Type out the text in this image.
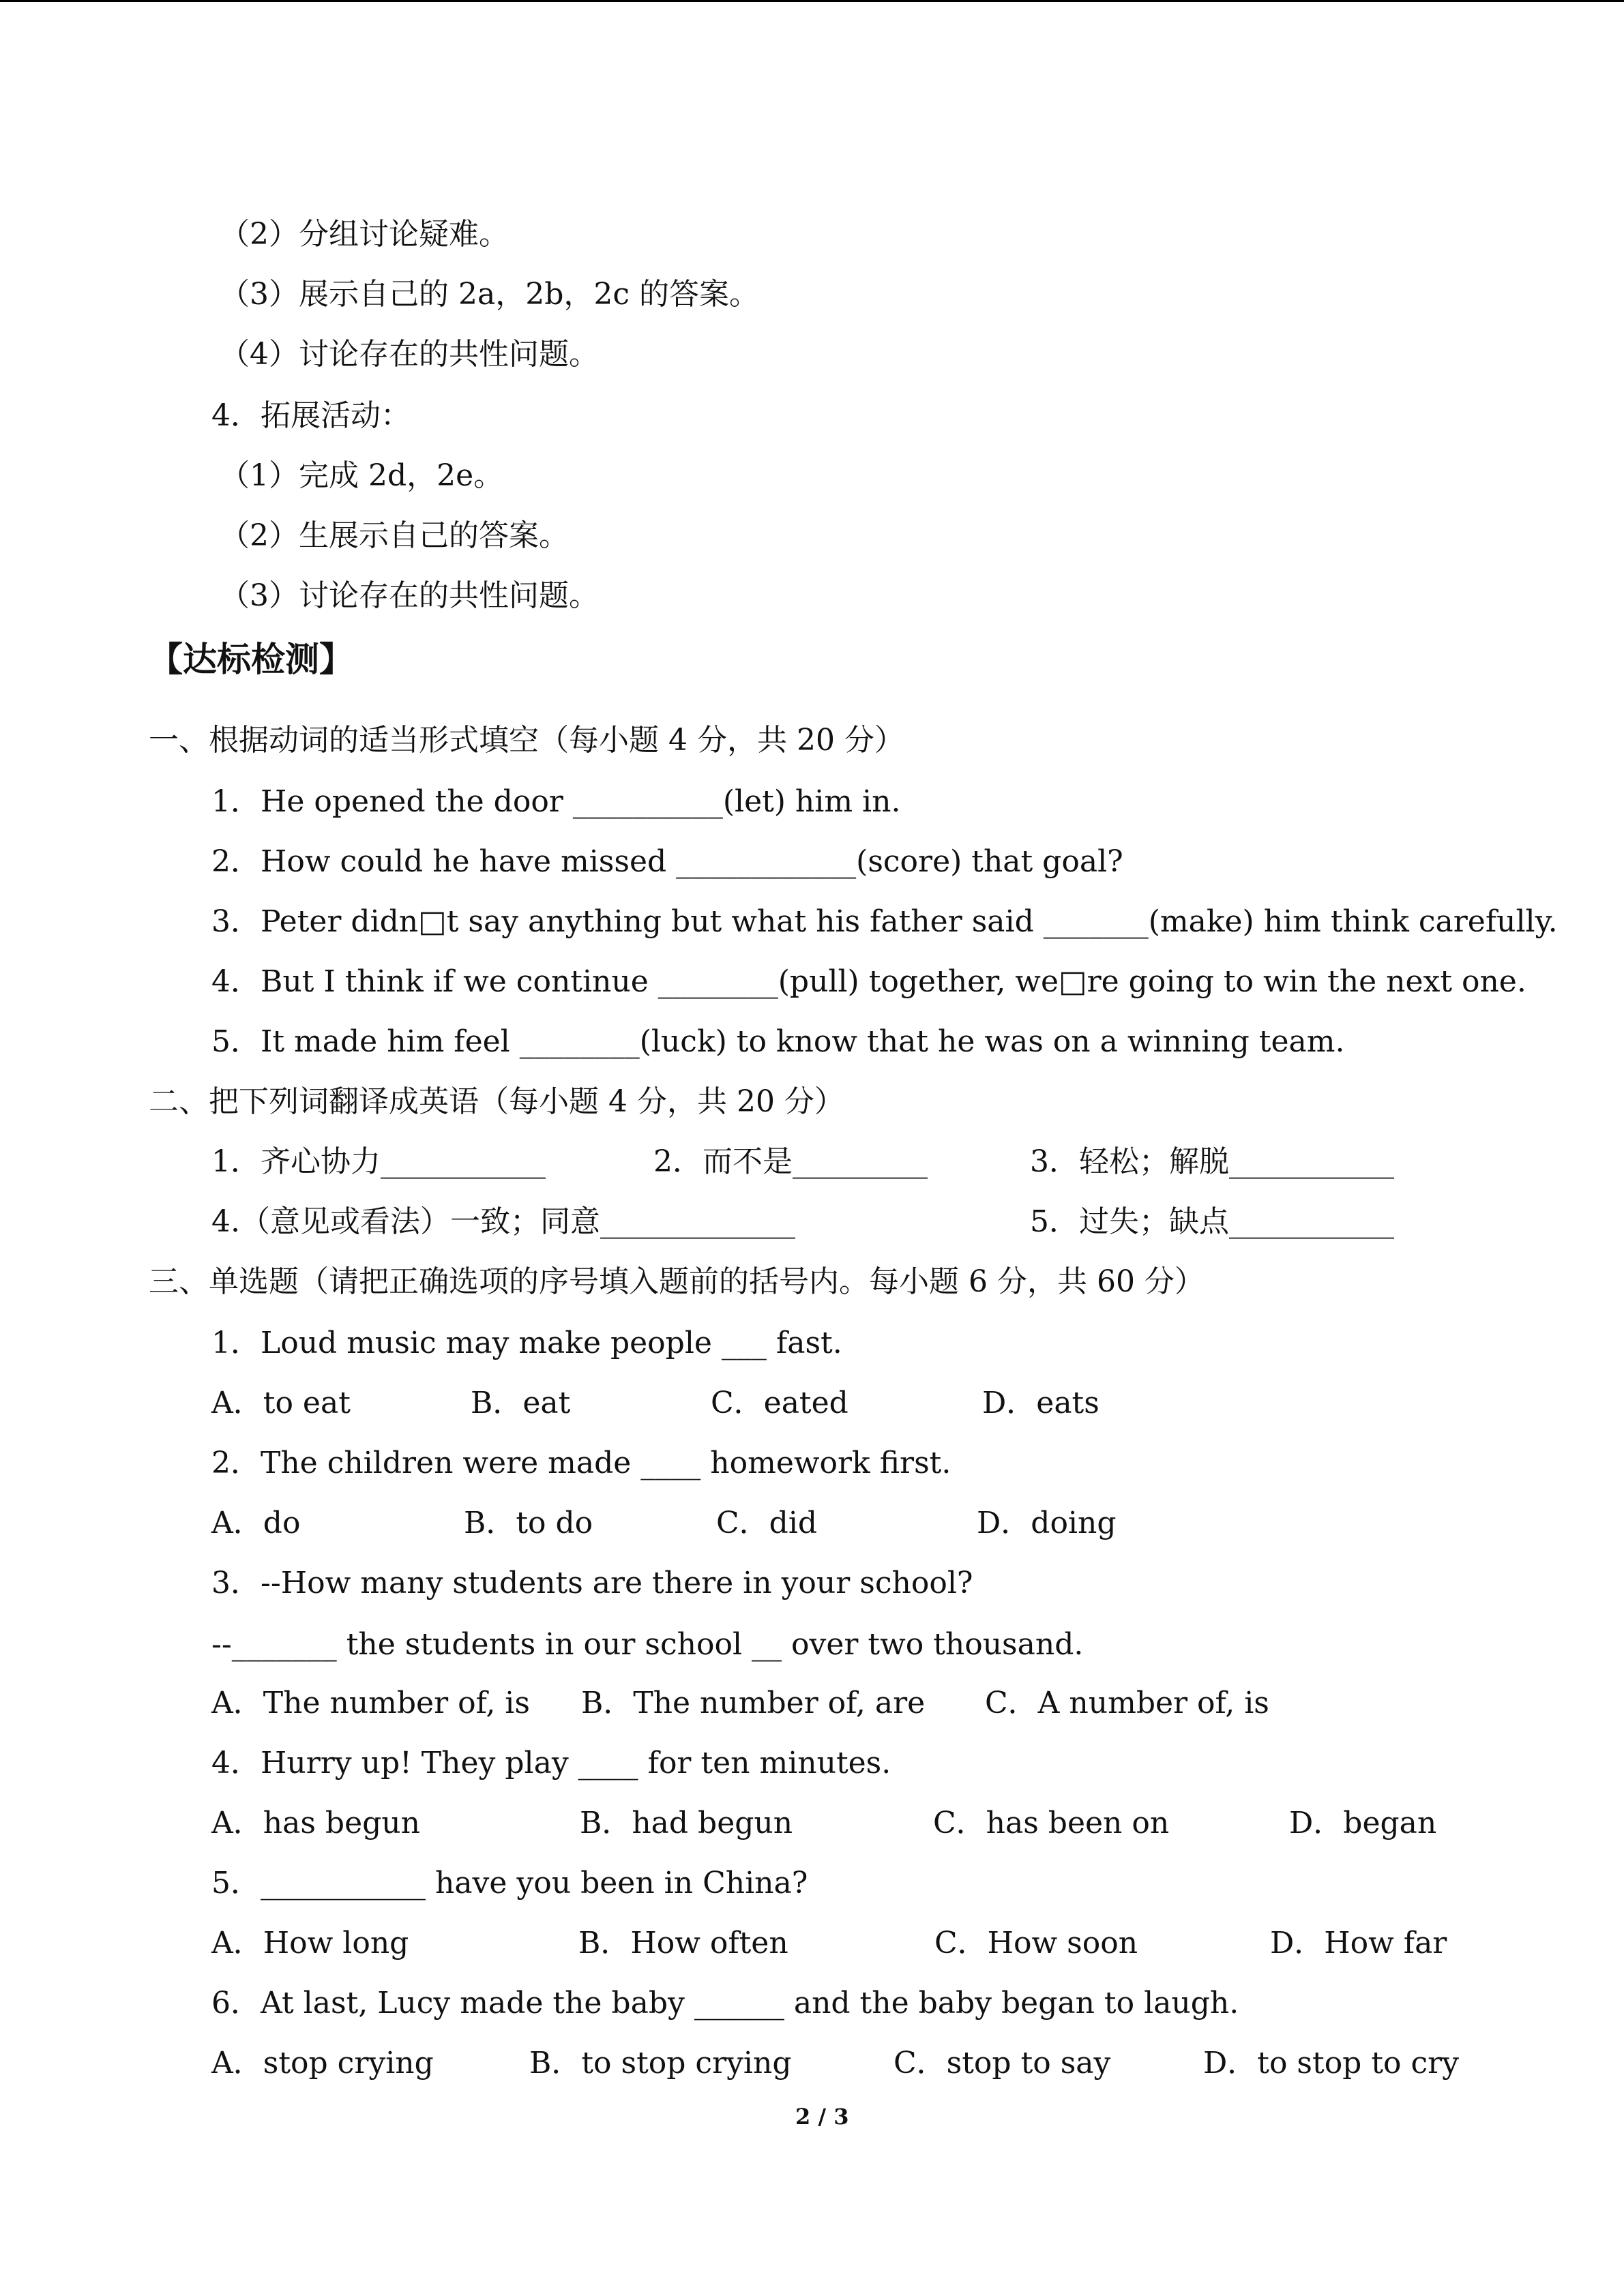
（2）分组讨论疑难。
（3）展示自己的 2a，2b，2c 的答案。
（4）讨论存在的共性问题。
4．拓展活动：
（1）完成 2d，2e。
（2）生展示自己的答案。
（3）讨论存在的共性问题。
【达标检测】
一、根据动词的适当形式填空（每小题 4 分，共 20 分）
1．He opened the door __________(let) him in.
2．How could he have missed ____________(score) that goal?
3．Peter didn□t say anything but what his father said _______(make) him think carefully.
4．But I think if we continue ________(pull) together, we□re going to win the next one.
5．It made him feel ________(luck) to know that he was on a winning team.
二、把下列词翻译成英语（每小题 4 分，共 20 分）
1．齐心协力___________	2．而不是_________	3．轻松；解脱___________
4.（意见或看法）一致；同意_____________	5．过失；缺点___________
三、单选题（请把正确选项的序号填入题前的括号内。每小题 6 分，共 60 分）
1．Loud music may make people ___ fast.
A．to eat	B．eat	C．eated	D．eats
2．The children were made ____ homework first.
A．do	B．to do	C．did	D．doing
3．--How many students are there in your school?
--_______ the students in our school __ over two thousand.
A．The number of, is B．The number of, are C．A number of, is
4．Hurry up! They play ____ for ten minutes.
A．has begun	B．had begun	C．has been on	D．began
5．___________ have you been in China?
A．How long	B．How often	C．How soon	D．How far
6．At last, Lucy made the baby ______ and the baby began to laugh.
A．stop crying	B．to stop crying	C．stop to say	D．to stop to cry
2 / 3
